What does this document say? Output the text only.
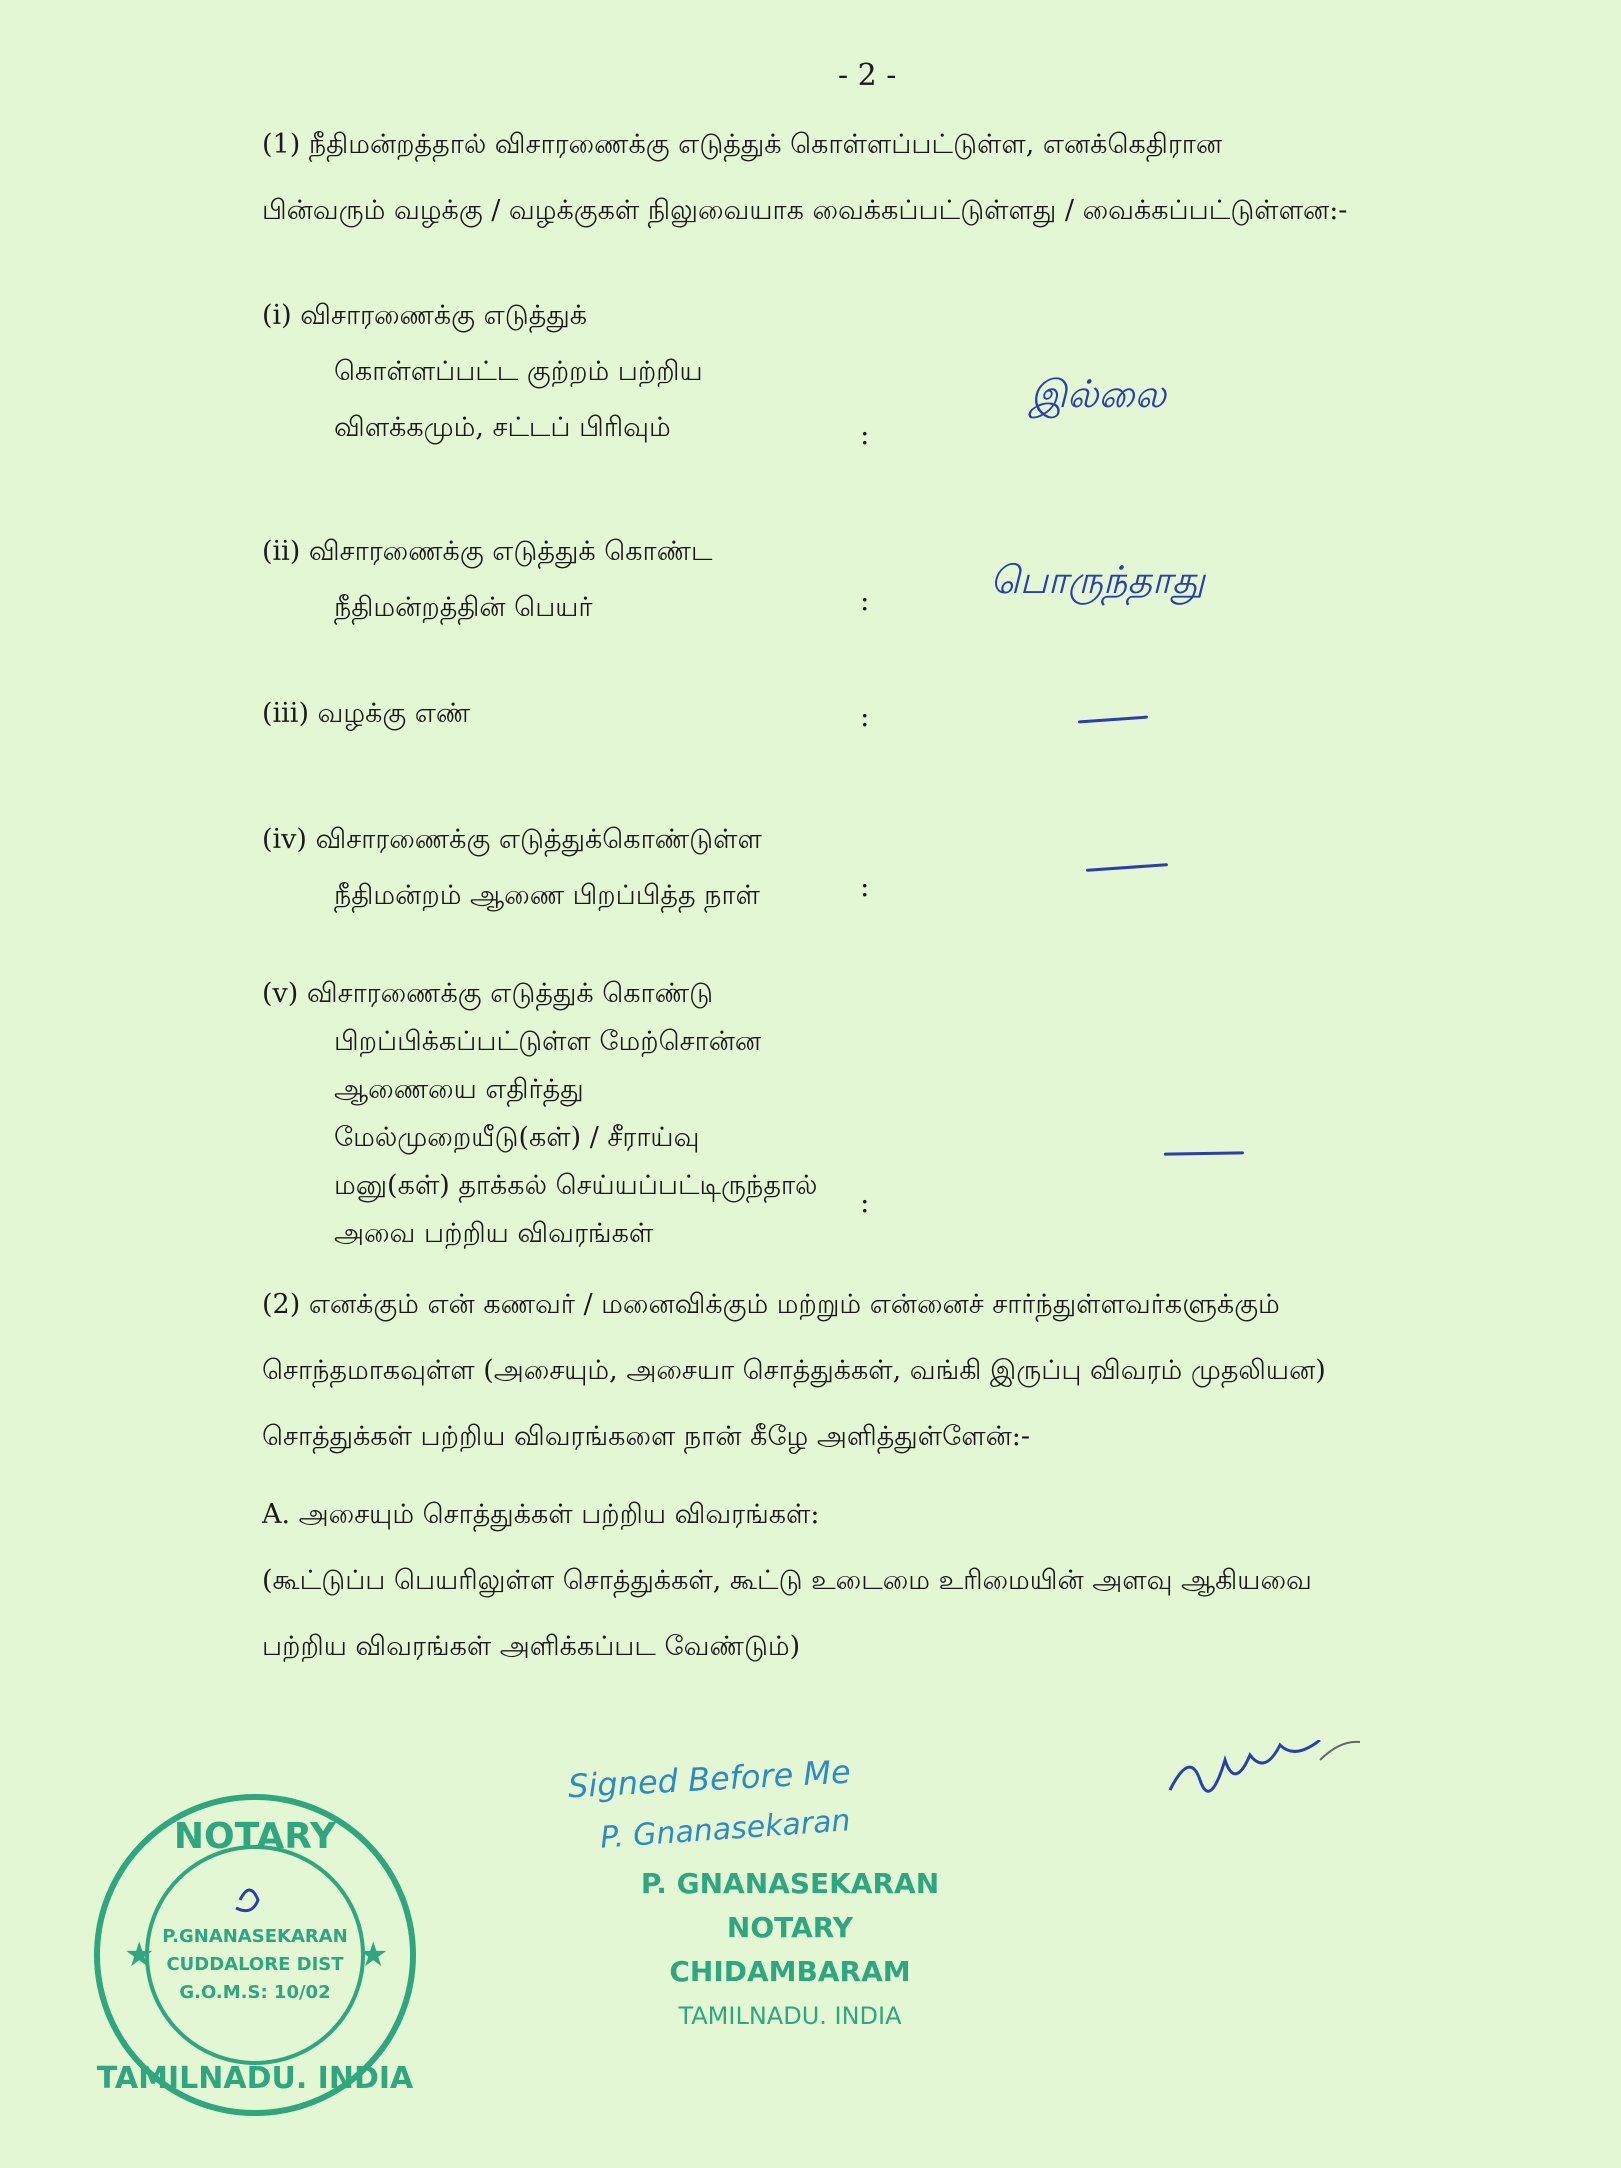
- 2 -
(1) நீதிமன்றத்தால் விசாரணைக்கு எடுத்துக் கொள்ளப்பட்டுள்ள, எனக்கெதிரான
பின்வரும் வழக்கு / வழக்குகள் நிலுவையாக வைக்கப்பட்டுள்ளது / வைக்கப்பட்டுள்ளன:-
(i) விசாரணைக்கு எடுத்துக்
கொள்ளப்பட்ட குற்றம் பற்றிய
விளக்கமும், சட்டப் பிரிவும்	:
இல்லை
(ii) விசாரணைக்கு எடுத்துக் கொண்ட
நீதிமன்றத்தின் பெயர்	:	பொருந்தாது
(iii) வழக்கு எண்	:
(iv) விசாரணைக்கு எடுத்துக்கொண்டுள்ள
நீதிமன்றம் ஆணை பிறப்பித்த நாள்	:
(v) விசாரணைக்கு எடுத்துக் கொண்டு
பிறப்பிக்கப்பட்டுள்ள மேற்சொன்ன
ஆணையை எதிர்த்து
மேல்முறையீடு(கள்) / சீராய்வு
மனு(கள்) தாக்கல் செய்யப்பட்டிருந்தால்
அவை பற்றிய விவரங்கள்
:
(2) எனக்கும் என் கணவர் / மனைவிக்கும் மற்றும் என்னைச் சார்ந்துள்ளவர்களுக்கும்
சொந்தமாகவுள்ள (அசையும், அசையா சொத்துக்கள், வங்கி இருப்பு விவரம் முதலியன)
சொத்துக்கள் பற்றிய விவரங்களை நான் கீழே அளித்துள்ளேன்:-
A. அசையும் சொத்துக்கள் பற்றிய விவரங்கள்:
(கூட்டுப்ப பெயரிலுள்ள சொத்துக்கள், கூட்டு உடைமை உரிமையின் அளவு ஆகியவை
பற்றிய விவரங்கள் அளிக்கப்பட வேண்டும்)
Signed Before Me
P. Gnanasekaran
P. GNANASEKARAN
NOTARY
CHIDAMBARAM
TAMILNADU. INDIA
NOTARY
P.GNANASEKARAN
CUDDALORE DIST
G.O.M.S: 10/02
TAMILNADU. INDIA
★	★
